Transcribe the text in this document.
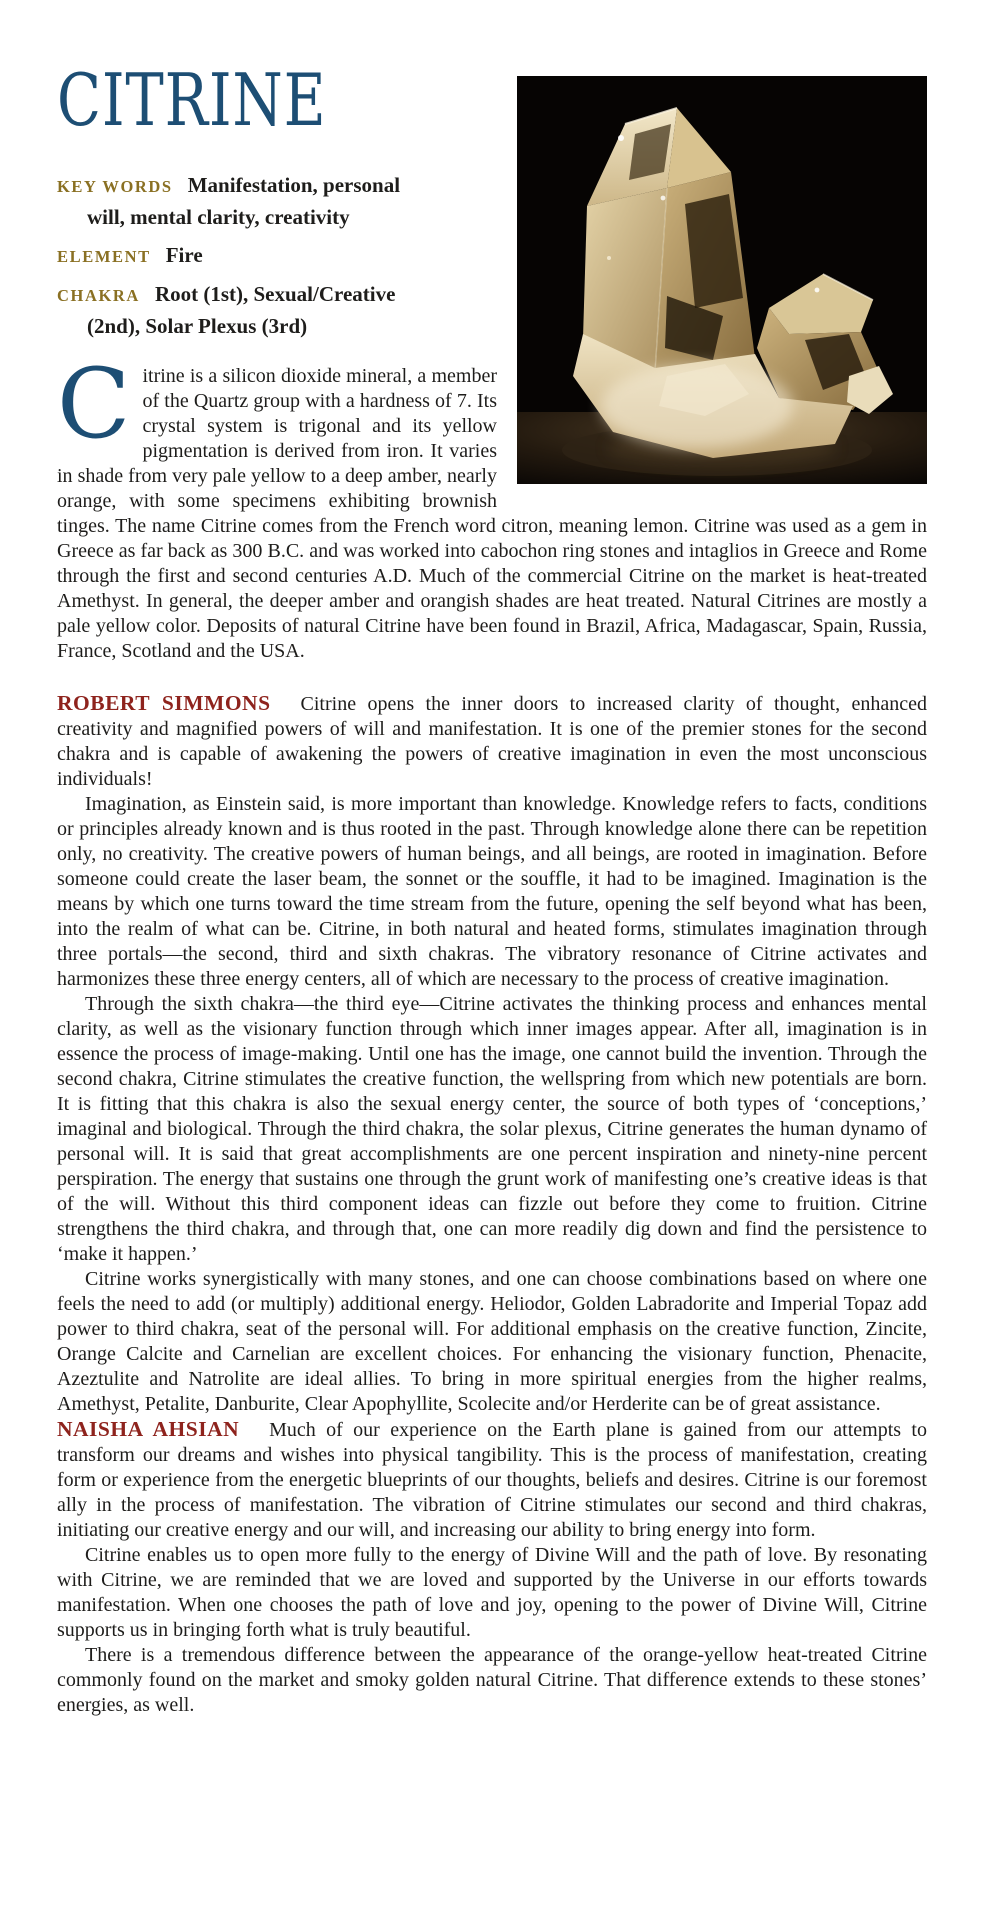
CITRINE

KEY WORDS Manifestation, personal will, mental clarity, creativity

ELEMENT Fire

CHAKRA Root (1st), Sexual/Creative (2nd), Solar Plexus (3rd)

Citrine is a silicon dioxide mineral, a member of the Quartz group with a hardness of 7. Its crystal system is trigonal and its yellow pigmentation is derived from iron. It varies in shade from very pale yellow to a deep amber, nearly orange, with some specimens exhibiting brownish tinges. The name Citrine comes from the French word citron, meaning lemon. Citrine was used as a gem in Greece as far back as 300 B.C. and was worked into cabochon ring stones and intaglios in Greece and Rome through the first and second centuries A.D. Much of the commercial Citrine on the market is heat-treated Amethyst. In general, the deeper amber and orangish shades are heat treated. Natural Citrines are mostly a pale yellow color. Deposits of natural Citrine have been found in Brazil, Africa, Madagascar, Spain, Russia, France, Scotland and the USA.

ROBERT SIMMONS Citrine opens the inner doors to increased clarity of thought, enhanced creativity and magnified powers of will and manifestation. It is one of the premier stones for the second chakra and is capable of awakening the powers of creative imagination in even the most unconscious individuals!

Imagination, as Einstein said, is more important than knowledge. Knowledge refers to facts, conditions or principles already known and is thus rooted in the past. Through knowledge alone there can be repetition only, no creativity. The creative powers of human beings, and all beings, are rooted in imagination. Before someone could create the laser beam, the sonnet or the souffle, it had to be imagined. Imagination is the means by which one turns toward the time stream from the future, opening the self beyond what has been, into the realm of what can be. Citrine, in both natural and heated forms, stimulates imagination through three portals—the second, third and sixth chakras. The vibratory resonance of Citrine activates and harmonizes these three energy centers, all of which are necessary to the process of creative imagination.

Through the sixth chakra—the third eye—Citrine activates the thinking process and enhances mental clarity, as well as the visionary function through which inner images appear. After all, imagination is in essence the process of image-making. Until one has the image, one cannot build the invention. Through the second chakra, Citrine stimulates the creative function, the wellspring from which new potentials are born. It is fitting that this chakra is also the sexual energy center, the source of both types of ‘conceptions,’ imaginal and biological. Through the third chakra, the solar plexus, Citrine generates the human dynamo of personal will. It is said that great accomplishments are one percent inspiration and ninety-nine percent perspiration. The energy that sustains one through the grunt work of manifesting one’s creative ideas is that of the will. Without this third component ideas can fizzle out before they come to fruition. Citrine strengthens the third chakra, and through that, one can more readily dig down and find the persistence to ‘make it happen.’

Citrine works synergistically with many stones, and one can choose combinations based on where one feels the need to add (or multiply) additional energy. Heliodor, Golden Labradorite and Imperial Topaz add power to third chakra, seat of the personal will. For additional emphasis on the creative function, Zincite, Orange Calcite and Carnelian are excellent choices. For enhancing the visionary function, Phenacite, Azeztulite and Natrolite are ideal allies. To bring in more spiritual energies from the higher realms, Amethyst, Petalite, Danburite, Clear Apophyllite, Scolecite and/or Herderite can be of great assistance.

NAISHA AHSIAN Much of our experience on the Earth plane is gained from our attempts to transform our dreams and wishes into physical tangibility. This is the process of manifestation, creating form or experience from the energetic blueprints of our thoughts, beliefs and desires. Citrine is our foremost ally in the process of manifestation. The vibration of Citrine stimulates our second and third chakras, initiating our creative energy and our will, and increasing our ability to bring energy into form.

Citrine enables us to open more fully to the energy of Divine Will and the path of love. By resonating with Citrine, we are reminded that we are loved and supported by the Universe in our efforts towards manifestation. When one chooses the path of love and joy, opening to the power of Divine Will, Citrine supports us in bringing forth what is truly beautiful.

There is a tremendous difference between the appearance of the orange-yellow heat-treated Citrine commonly found on the market and smoky golden natural Citrine. That difference extends to these stones’ energies, as well.
